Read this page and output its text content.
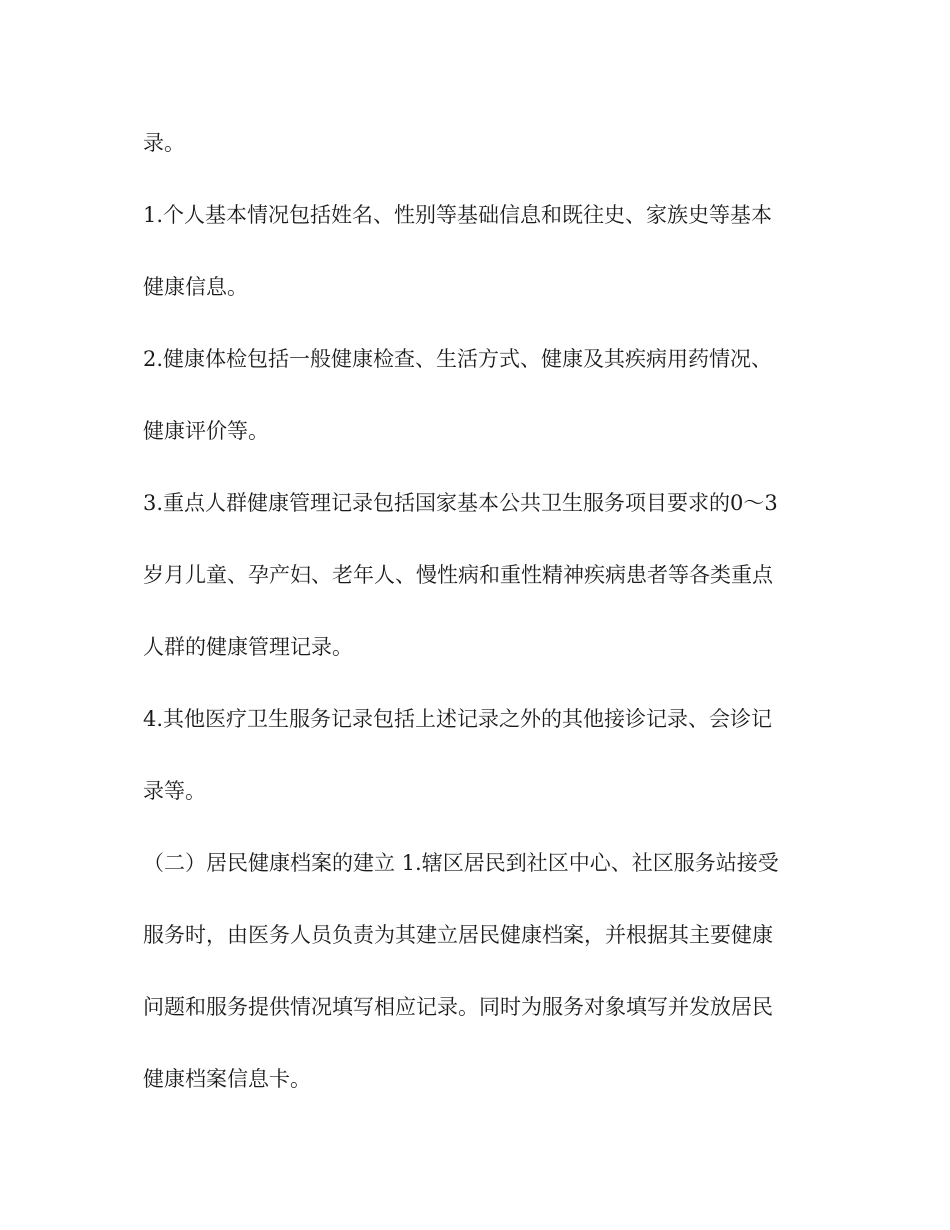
录。
1.个人基本情况包括姓名、性别等基础信息和既往史、家族史等基本
健康信息。
2.健康体检包括一般健康检查、生活方式、健康及其疾病用药情况、
健康评价等。
3.重点人群健康管理记录包括国家基本公共卫生服务项目要求的0～3
岁月儿童、孕产妇、老年人、慢性病和重性精神疾病患者等各类重点
人群的健康管理记录。
4.其他医疗卫生服务记录包括上述记录之外的其他接诊记录、会诊记
录等。
（二）居民健康档案的建立 1.辖区居民到社区中心、社区服务站接受
服务时，由医务人员负责为其建立居民健康档案，并根据其主要健康
问题和服务提供情况填写相应记录。同时为服务对象填写并发放居民
健康档案信息卡。
